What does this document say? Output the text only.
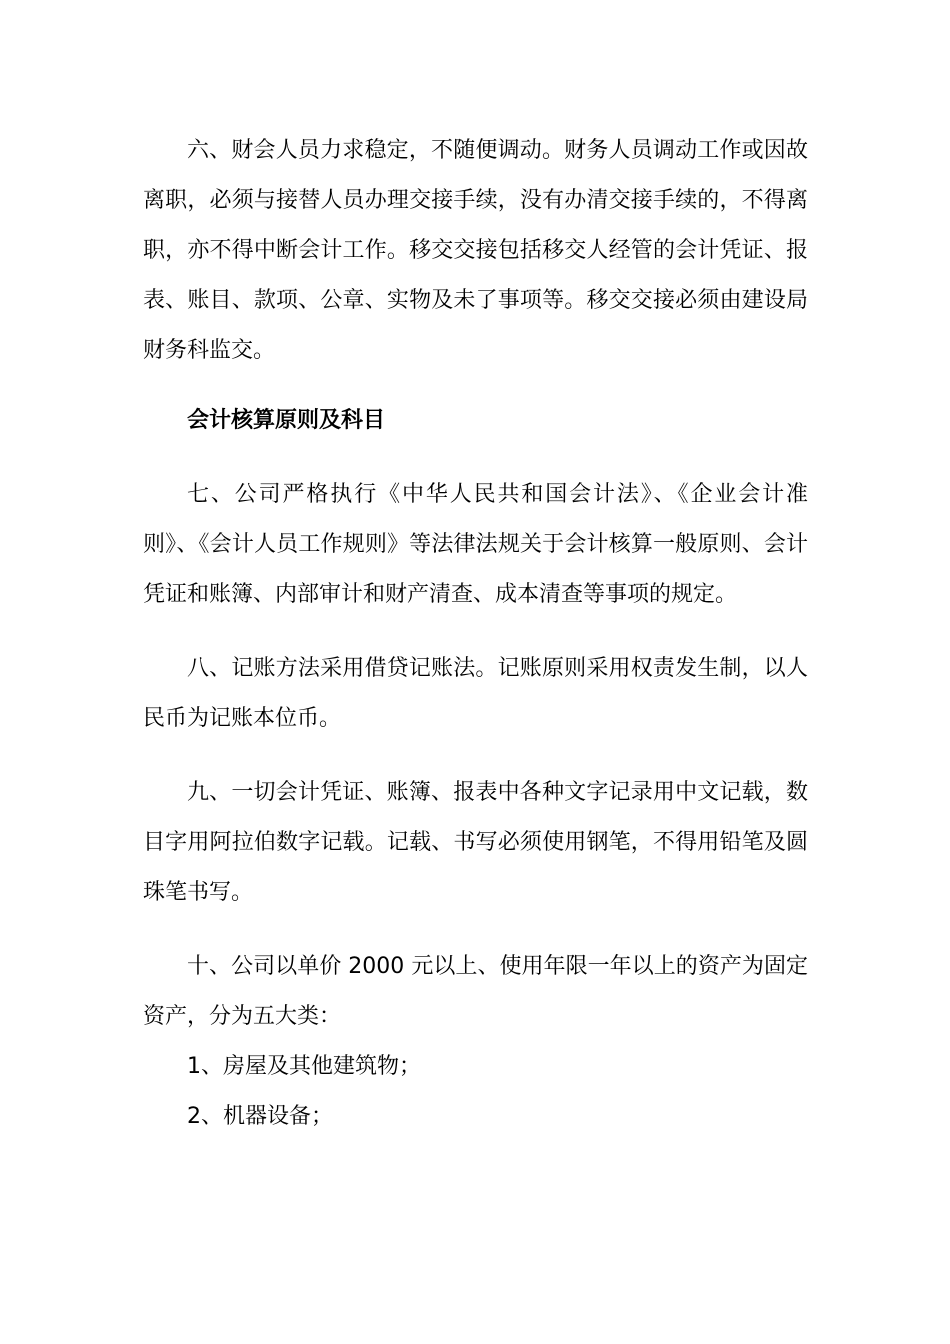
六、财会人员力求稳定，不随便调动。财务人员调动工作或因故离职，必须与接替人员办理交接手续，没有办清交接手续的，不得离职，亦不得中断会计工作。移交交接包括移交人经管的会计凭证、报表、账目、款项、公章、实物及未了事项等。移交交接必须由建设局财务科监交。

会计核算原则及科目

七、公司严格执行《中华人民共和国会计法》、《企业会计准则》、《会计人员工作规则》等法律法规关于会计核算一般原则、会计凭证和账簿、内部审计和财产清查、成本清查等事项的规定。

八、记账方法采用借贷记账法。记账原则采用权责发生制，以人民币为记账本位币。

九、一切会计凭证、账簿、报表中各种文字记录用中文记载，数目字用阿拉伯数字记载。记载、书写必须使用钢笔，不得用铅笔及圆珠笔书写。

十、公司以单价 2000 元以上、使用年限一年以上的资产为固定资产，分为五大类：

1、房屋及其他建筑物；

2、机器设备；
